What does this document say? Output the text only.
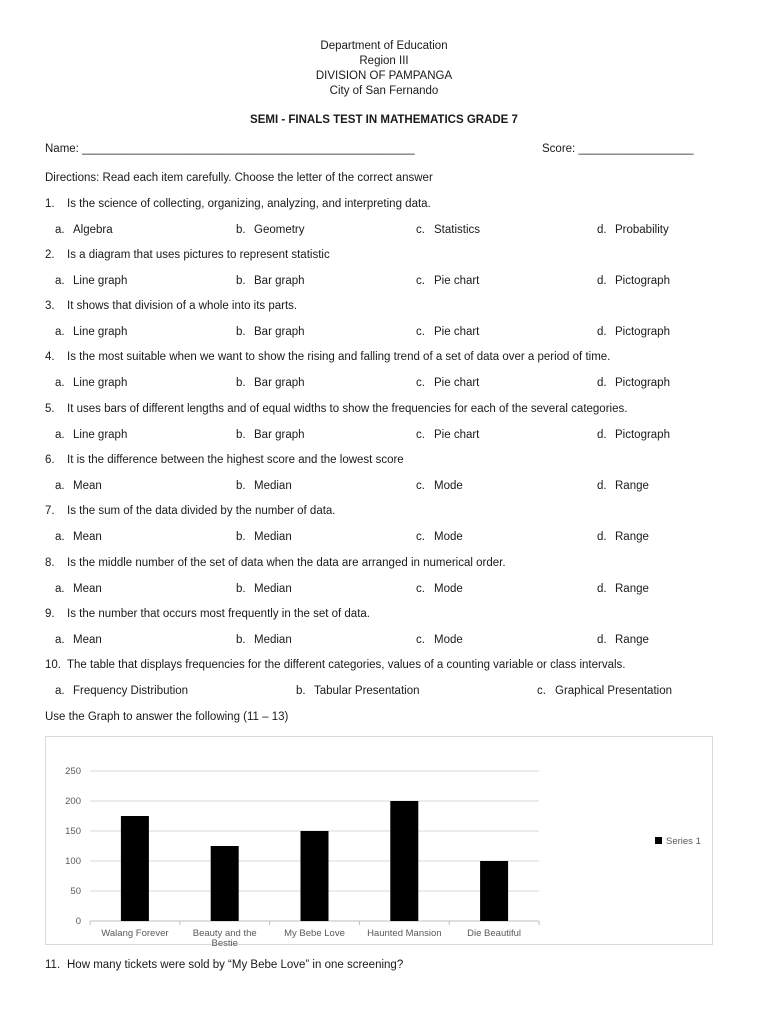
Department of Education
Region III
DIVISION OF PAMPANGA
City of San Fernando
SEMI - FINALS TEST IN MATHEMATICS GRADE 7
Name: ____________________________________________________	Score: __________________
Directions: Read each item carefully. Choose the letter of the correct answer
1. Is the science of collecting, organizing, analyzing, and interpreting data.
a. Algebra	b. Geometry	c. Statistics	d. Probability
2. Is a diagram that uses pictures to represent statistic
a. Line graph	b. Bar graph	c. Pie chart	d. Pictograph
3. It shows that division of a whole into its parts.
a. Line graph	b. Bar graph	c. Pie chart	d. Pictograph
4. Is the most suitable when we want to show the rising and falling trend of a set of data over a period of time.
a. Line graph	b. Bar graph	c. Pie chart	d. Pictograph
5. It uses bars of different lengths and of equal widths to show the frequencies for each of the several categories.
a. Line graph	b. Bar graph	c. Pie chart	d. Pictograph
6. It is the difference between the highest score and the lowest score
a. Mean	b. Median	c. Mode	d. Range
7. Is the sum of the data divided by the number of data.
a. Mean	b. Median	c. Mode	d. Range
8. Is the middle number of the set of data when the data are arranged in numerical order.
a. Mean	b. Median	c. Mode	d. Range
9. Is the number that occurs most frequently in the set of data.
a. Mean	b. Median	c. Mode	d. Range
10. The table that displays frequencies for the different categories, values of a counting variable or class intervals.
a. Frequency Distribution	b. Tabular Presentation	c. Graphical Presentation
Use the Graph to answer the following (11 – 13)
0
50
100
150
200
250
Walang Forever	Beauty and the
Bestie
My Bebe Love Haunted Mansion	Die Beautiful
Series 1
11. How many tickets were sold by “My Bebe Love” in one screening?
